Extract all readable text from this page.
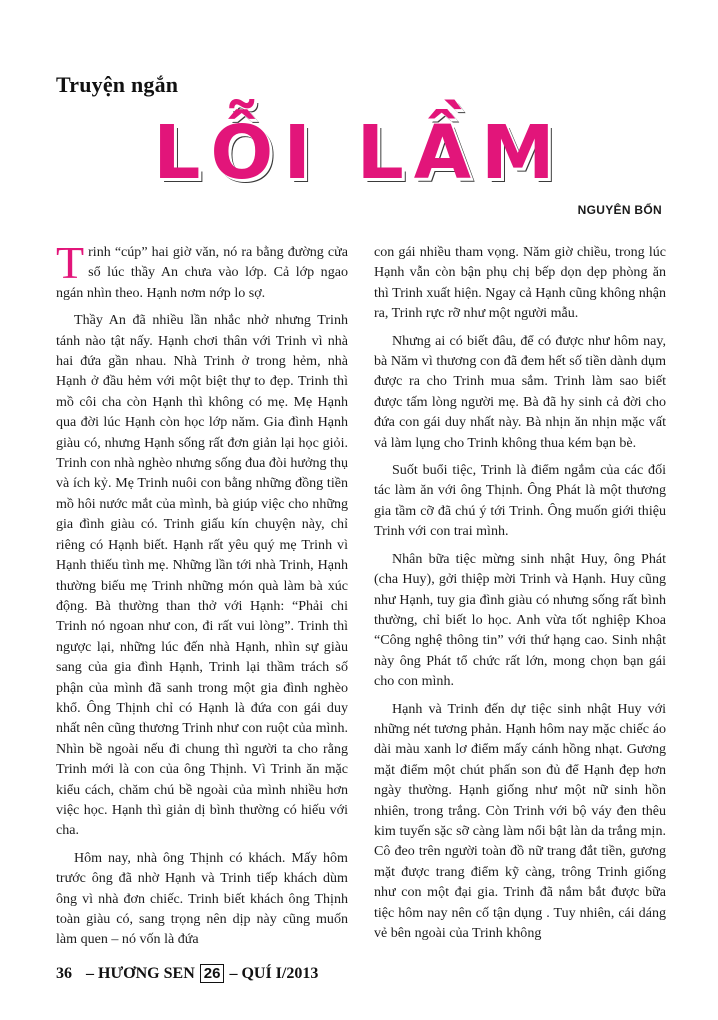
Truyện ngắn
LỖI LẦM
NGUYÊN BỔN

Trinh “cúp” hai giờ văn, nó ra bằng đường cửa sổ lúc thầy An chưa vào lớp. Cả lớp ngao ngán nhìn theo. Hạnh nơm nớp lo sợ.

Thầy An đã nhiều lần nhắc nhở nhưng Trinh tánh nào tật nấy. Hạnh chơi thân với Trinh vì nhà hai đứa gần nhau. Nhà Trinh ở trong hẻm, nhà Hạnh ở đầu hẻm với một biệt thự to đẹp. Trinh thì mồ côi cha còn Hạnh thì không có mẹ. Mẹ Hạnh qua đời lúc Hạnh còn học lớp năm. Gia đình Hạnh giàu có, nhưng Hạnh sống rất đơn giản lại học giỏi. Trinh con nhà nghèo nhưng sống đua đòi hưởng thụ và ích kỷ. Mẹ Trinh nuôi con bằng những đồng tiền mồ hôi nước mắt của mình, bà giúp việc cho những gia đình giàu có. Trinh giấu kín chuyện này, chỉ riêng có Hạnh biết. Hạnh rất yêu quý mẹ Trinh vì Hạnh thiếu tình mẹ. Những lần tới nhà Trinh, Hạnh thường biếu mẹ Trinh những món quà làm bà xúc động. Bà thường than thở với Hạnh: “Phải chi Trinh nó ngoan như con, đi rất vui lòng”. Trinh thì ngược lại, những lúc đến nhà Hạnh, nhìn sự giàu sang của gia đình Hạnh, Trinh lại thầm trách số phận của mình đã sanh trong một gia đình nghèo khổ. Ông Thịnh chỉ có Hạnh là đứa con gái duy nhất nên cũng thương Trinh như con ruột của mình. Nhìn bề ngoài nếu đi chung thì người ta cho rằng Trinh mới là con của ông Thịnh. Vì Trinh ăn mặc kiểu cách, chăm chú bề ngoài của mình nhiều hơn việc học. Hạnh thì giản dị bình thường có hiếu với cha.

Hôm nay, nhà ông Thịnh có khách. Mấy hôm trước ông đã nhờ Hạnh và Trinh tiếp khách dùm ông vì nhà đơn chiếc. Trinh biết khách ông Thịnh toàn giàu có, sang trọng nên dịp này cũng muốn làm quen – nó vốn là đứa

con gái nhiều tham vọng. Năm giờ chiều, trong lúc Hạnh vẫn còn bận phụ chị bếp dọn dẹp phòng ăn thì Trinh xuất hiện. Ngay cả Hạnh cũng không nhận ra, Trinh rực rỡ như một người mẫu.

Nhưng ai có biết đâu, để có được như hôm nay, bà Năm vì thương con đã đem hết số tiền dành dụm được ra cho Trinh mua sắm. Trinh làm sao biết được tấm lòng người mẹ. Bà đã hy sinh cả đời cho đứa con gái duy nhất này. Bà nhịn ăn nhịn mặc vất vả làm lụng cho Trinh không thua kém bạn bè.

Suốt buổi tiệc, Trinh là điểm ngắm của các đối tác làm ăn với ông Thịnh. Ông Phát là một thương gia tầm cỡ đã chú ý tới Trinh. Ông muốn giới thiệu Trinh với con trai mình.

Nhân bữa tiệc mừng sinh nhật Huy, ông Phát (cha Huy), gởi thiệp mời Trinh và Hạnh. Huy cũng như Hạnh, tuy gia đình giàu có nhưng sống rất bình thường, chỉ biết lo học. Anh vừa tốt nghiệp Khoa “Công nghệ thông tin” với thứ hạng cao. Sinh nhật này ông Phát tổ chức rất lớn, mong chọn bạn gái cho con mình.

Hạnh và Trinh đến dự tiệc sinh nhật Huy với những nét tương phản. Hạnh hôm nay mặc chiếc áo dài màu xanh lơ điểm mấy cánh hồng nhạt. Gương mặt điểm một chút phấn son đủ để Hạnh đẹp hơn ngày thường. Hạnh giống như một nữ sinh hồn nhiên, trong trắng. Còn Trinh với bộ váy đen thêu kim tuyến sặc sỡ càng làm nổi bật làn da trắng mịn. Cô đeo trên người toàn đồ nữ trang đắt tiền, gương mặt được trang điểm kỹ càng, trông Trinh giống như con một đại gia. Trinh đã nắm bắt được bữa tiệc hôm nay nên cố tận dụng . Tuy nhiên, cái dáng vẻ bên ngoài của Trinh không

36 – HƯƠNG SEN 26 – QUÍ I/2013
